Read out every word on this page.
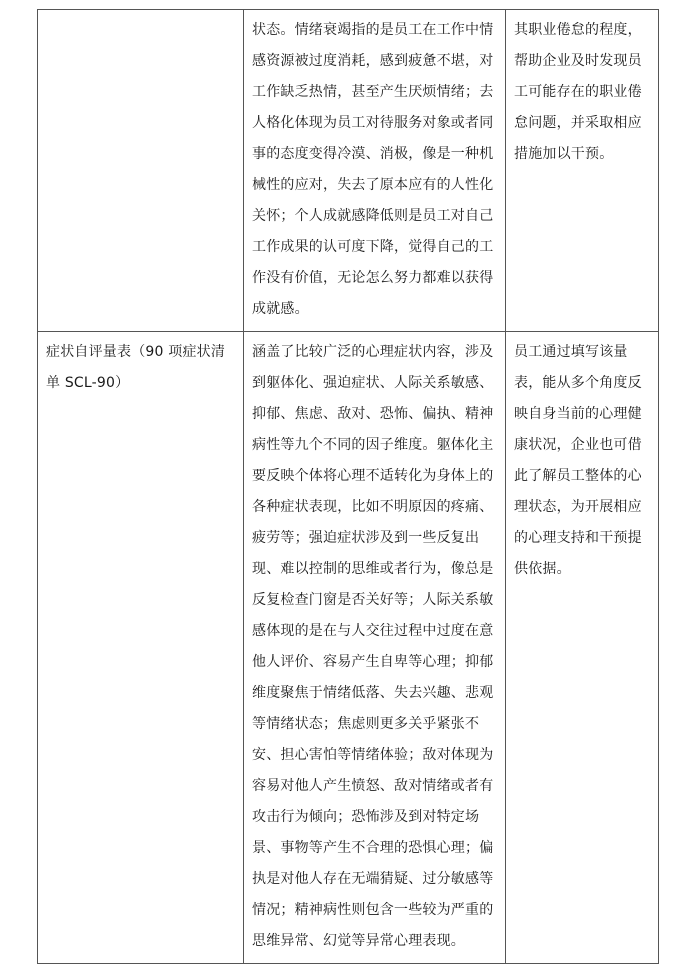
	状态。情绪衰竭指的是员工在工作中情感资源被过度消耗，感到疲惫不堪，对工作缺乏热情，甚至产生厌烦情绪；去人格化体现为员工对待服务对象或者同事的态度变得冷漠、消极，像是一种机械性的应对，失去了原本应有的人性化关怀；个人成就感降低则是员工对自己工作成果的认可度下降，觉得自己的工作没有价值，无论怎么努力都难以获得成就感。	其职业倦怠的程度，帮助企业及时发现员工可能存在的职业倦怠问题，并采取相应措施加以干预。

症状自评量表（90 项症状清单 SCL-90）	涵盖了比较广泛的心理症状内容，涉及到躯体化、强迫症状、人际关系敏感、抑郁、焦虑、敌对、恐怖、偏执、精神病性等九个不同的因子维度。躯体化主要反映个体将心理不适转化为身体上的各种症状表现，比如不明原因的疼痛、疲劳等；强迫症状涉及到一些反复出现、难以控制的思维或者行为，像总是反复检查门窗是否关好等；人际关系敏感体现的是在与人交往过程中过度在意他人评价、容易产生自卑等心理；抑郁维度聚焦于情绪低落、失去兴趣、悲观等情绪状态；焦虑则更多关乎紧张不安、担心害怕等情绪体验；敌对体现为容易对他人产生愤怒、敌对情绪或者有攻击行为倾向；恐怖涉及到对特定场景、事物等产生不合理的恐惧心理；偏执是对他人存在无端猜疑、过分敏感等情况；精神病性则包含一些较为严重的思维异常、幻觉等异常心理表现。	员工通过填写该量表，能从多个角度反映自身当前的心理健康状况，企业也可借此了解员工整体的心理状态，为开展相应的心理支持和干预提供依据。
